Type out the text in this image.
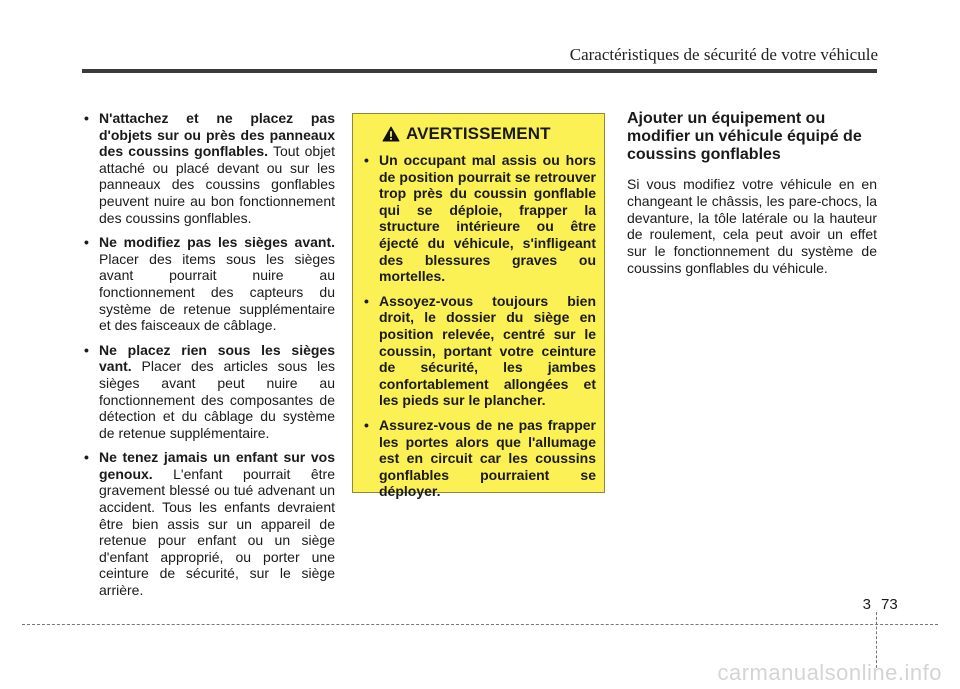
Caractéristiques de sécurité de votre véhicule
• N'attachez et ne placez pas d'objets sur ou près des panneaux des coussins gonflables. Tout objet attaché ou placé devant ou sur les panneaux des coussins gonflables peuvent nuire au bon fonctionnement des coussins gonflables.
• Ne modifiez pas les sièges avant. Placer des items sous les sièges avant pourrait nuire au fonctionnement des capteurs du système de retenue supplémentaire et des faisceaux de câblage.
• Ne placez rien sous les sièges vant. Placer des articles sous les sièges avant peut nuire au fonctionnement des composantes de détection et du câblage du système de retenue supplémentaire.
• Ne tenez jamais un enfant sur vos genoux. L'enfant pourrait être gravement blessé ou tué advenant un accident. Tous les enfants devraient être bien assis sur un appareil de retenue pour enfant ou un siège d'enfant approprié, ou porter une ceinture de sécurité, sur le siège arrière.
AVERTISSEMENT
• Un occupant mal assis ou hors de position pourrait se retrouver trop près du coussin gonflable qui se déploie, frapper la structure intérieure ou être éjecté du véhicule, s'infligeant des blessures graves ou mortelles.
• Assoyez-vous toujours bien droit, le dossier du siège en position relevée, centré sur le coussin, portant votre ceinture de sécurité, les jambes confortablement allongées et les pieds sur le plancher.
• Assurez-vous de ne pas frapper les portes alors que l'allumage est en circuit car les coussins gonflables pourraient se déployer.
Ajouter un équipement ou modifier un véhicule équipé de coussins gonflables

Si vous modifiez votre véhicule en en changeant le châssis, les pare-chocs, la devanture, la tôle latérale ou la hauteur de roulement, cela peut avoir un effet sur le fonctionnement du système de coussins gonflables du véhicule.

3 73
carmanualsonline.info
